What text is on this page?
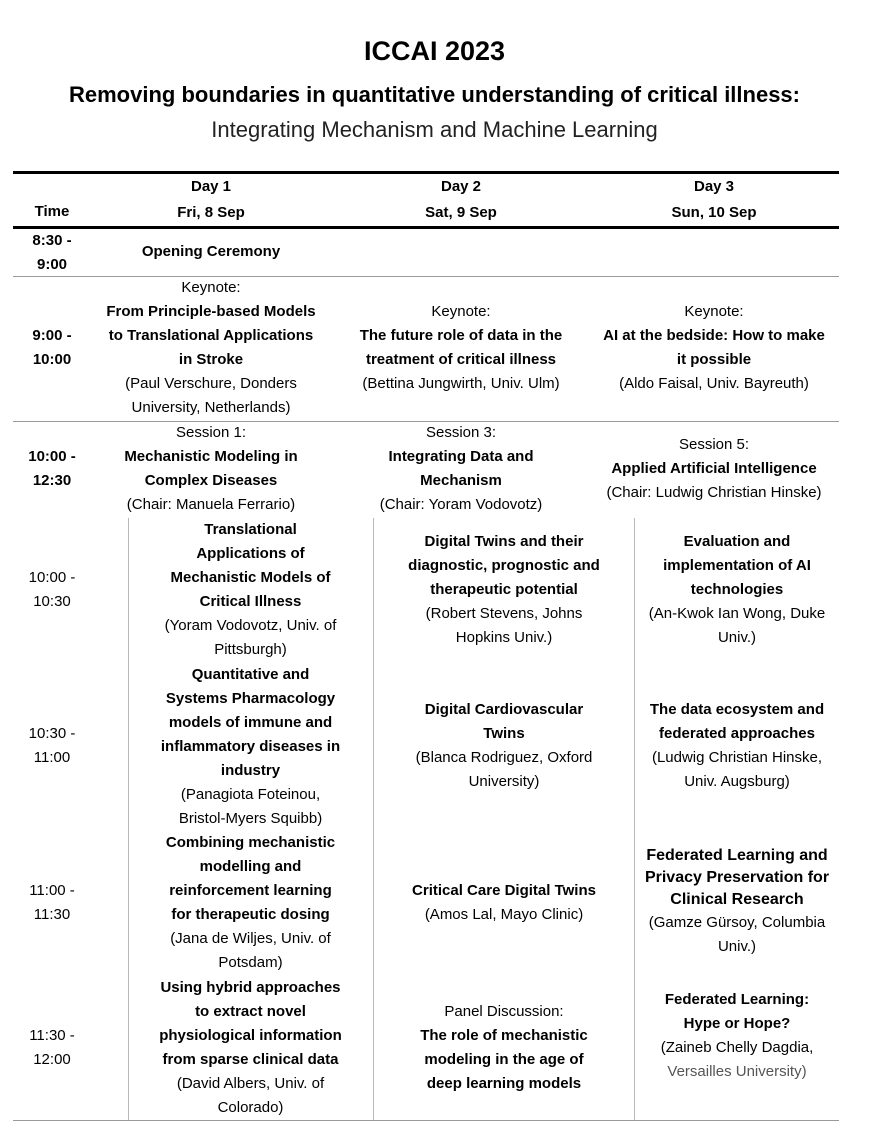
ICCAI 2023
Removing boundaries in quantitative understanding of critical illness:
Integrating Mechanism and Machine Learning
Time
Day 1
Fri, 8 Sep
Day 2
Sat, 9 Sep
Day 3
Sun, 10 Sep
8:30 -
9:00
Opening Ceremony
9:00 -
10:00
Keynote:
From Principle-based Models
to Translational Applications
in Stroke
(Paul Verschure, Donders
University, Netherlands)
Keynote:
The future role of data in the
treatment of critical illness
(Bettina Jungwirth, Univ. Ulm)
Keynote:
AI at the bedside: How to make
it possible
(Aldo Faisal, Univ. Bayreuth)
10:00 -
12:30
Session 1:
Mechanistic Modeling in
Complex Diseases
(Chair: Manuela Ferrario)
Session 3:
Integrating Data and
Mechanism
(Chair: Yoram Vodovotz)
Session 5:
Applied Artificial Intelligence
(Chair: Ludwig Christian Hinske)
10:00 -
10:30
Translational
Applications of
Mechanistic Models of
Critical Illness
(Yoram Vodovotz, Univ. of
Pittsburgh)
Digital Twins and their
diagnostic, prognostic and
therapeutic potential
(Robert Stevens, Johns
Hopkins Univ.)
Evaluation and
implementation of AI
technologies
(An-Kwok Ian Wong, Duke
Univ.)
10:30 -
11:00
Quantitative and
Systems Pharmacology
models of immune and
inflammatory diseases in
industry
(Panagiota Foteinou,
Bristol-Myers Squibb)
Digital Cardiovascular
Twins
(Blanca Rodriguez, Oxford
University)
The data ecosystem and
federated approaches
(Ludwig Christian Hinske,
Univ. Augsburg)
11:00 -
11:30
Combining mechanistic
modelling and
reinforcement learning
for therapeutic dosing
(Jana de Wiljes, Univ. of
Potsdam)
Critical Care Digital Twins
(Amos Lal, Mayo Clinic)
Federated Learning and
Privacy Preservation for
Clinical Research
(Gamze Gürsoy, Columbia
Univ.)
11:30 -
12:00
Using hybrid approaches
to extract novel
physiological information
from sparse clinical data
(David Albers, Univ. of
Colorado)
Panel Discussion:
The role of mechanistic
modeling in the age of
deep learning models
Federated Learning:
Hype or Hope?
(Zaineb Chelly Dagdia,
Versailles University)
